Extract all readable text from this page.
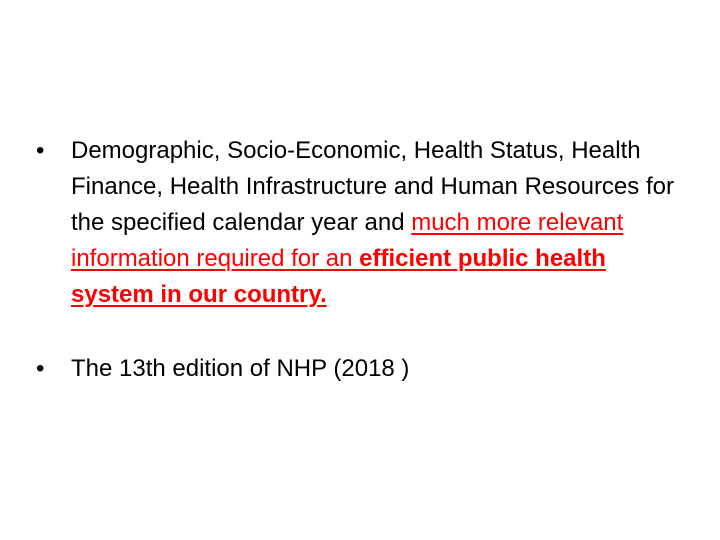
•	Demographic, Socio-Economic, Health Status, Health Finance, Health Infrastructure and Human Resources for the specified calendar year and much more relevant information required for an efficient public health system in our country.
•	The 13th edition of NHP (2018 )
